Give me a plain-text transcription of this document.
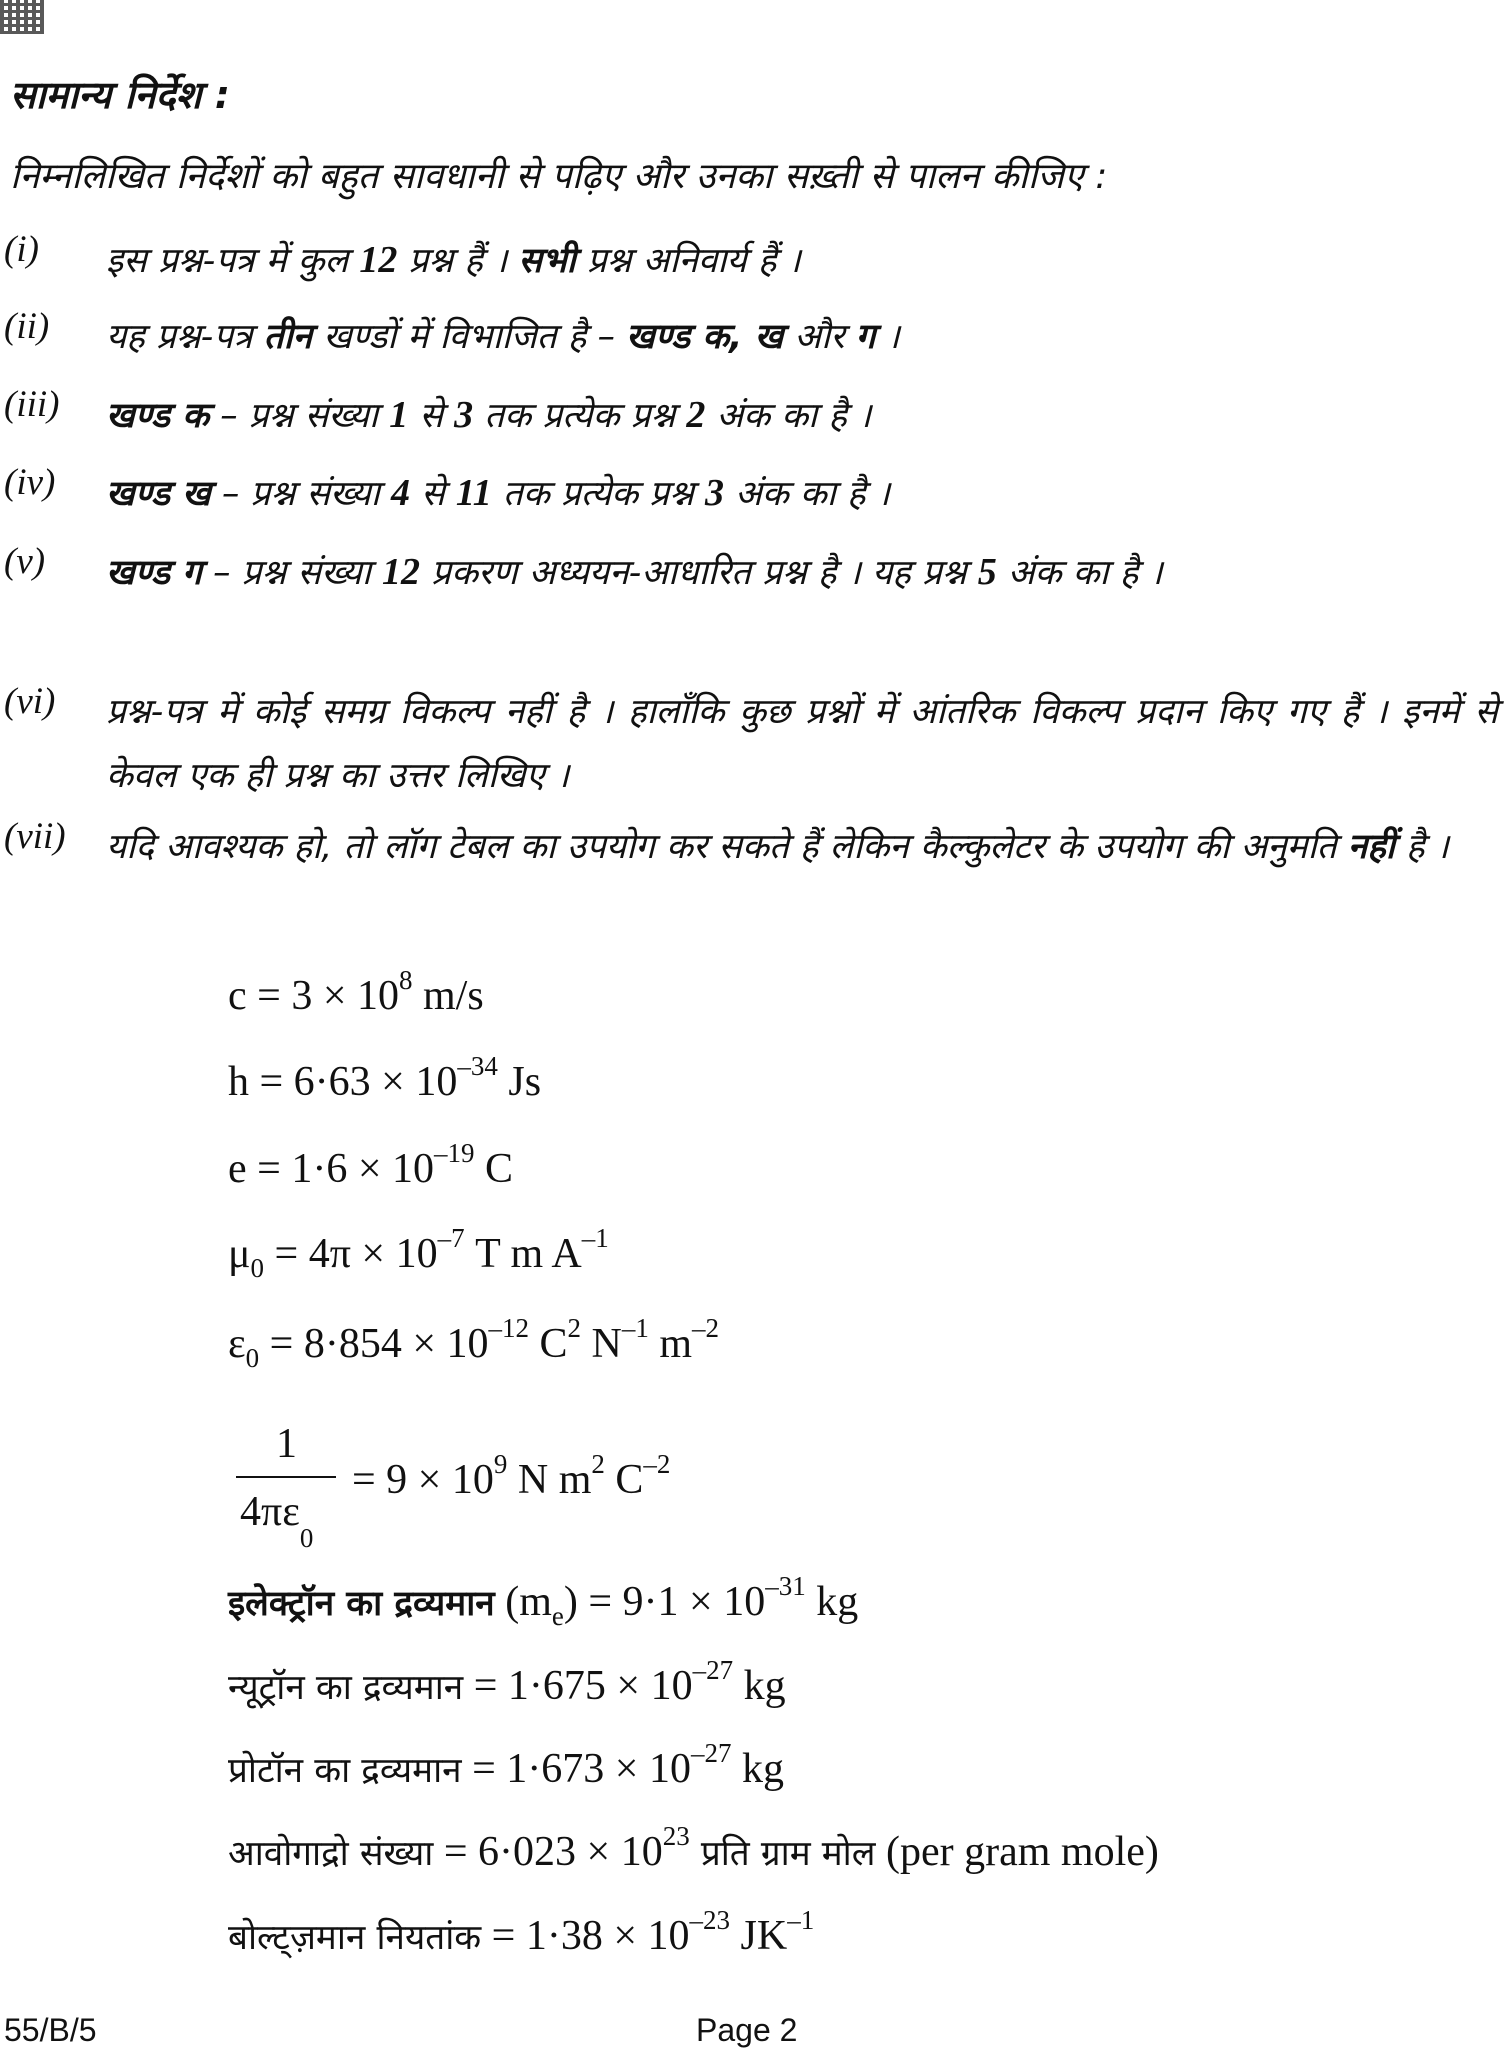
सामान्य निर्देश :
निम्नलिखित निर्देशों को बहुत सावधानी से पढ़िए और उनका सख़्ती से पालन कीजिए :
(i) इस प्रश्न-पत्र में कुल 12 प्रश्न हैं । सभी प्रश्न अनिवार्य हैं ।
(ii) यह प्रश्न-पत्र तीन खण्डों में विभाजित है – खण्ड क, ख और ग ।
(iii) खण्ड क – प्रश्न संख्या 1 से 3 तक प्रत्येक प्रश्न 2 अंक का है ।
(iv) खण्ड ख – प्रश्न संख्या 4 से 11 तक प्रत्येक प्रश्न 3 अंक का है ।
(v) खण्ड ग – प्रश्न संख्या 12 प्रकरण अध्ययन-आधारित प्रश्न है । यह प्रश्न 5 अंक का है ।
(vi) प्रश्न-पत्र में कोई समग्र विकल्प नहीं है । हालाँकि कुछ प्रश्नों में आंतरिक विकल्प प्रदान किए गए हैं । इनमें से केवल एक ही प्रश्न का उत्तर लिखिए ।
(vii) यदि आवश्यक हो, तो लॉग टेबल का उपयोग कर सकते हैं लेकिन कैल्कुलेटर के उपयोग की अनुमति नहीं है ।
$c = 3 \times 10^8$ m/s
$h = 6\cdot 63 \times 10^{-34}$ Js
$e = 1\cdot 6 \times 10^{-19}$ C
$\mu_0 = 4\pi \times 10^{-7}$ T m $A^{-1}$
$\varepsilon_0 = 8\cdot 854 \times 10^{-12}$ $C^2$ $N^{-1}$ $m^{-2}$
1
$4\pi\varepsilon_0$
= $9 \times 10^9$ N $m^2$ $C^{-2}$
इलेक्ट्रॉन का द्रव्यमान $(m_e) = 9\cdot 1 \times 10^{-31}$ kg
न्यूट्रॉन का द्रव्यमान = $1\cdot 675 \times 10^{-27}$ kg
प्रोटॉन का द्रव्यमान = $1\cdot 673 \times 10^{-27}$ kg
आवोगाद्रो संख्या = $6\cdot 023 \times 10^{23}$ प्रति ग्राम मोल (per gram mole)
बोल्ट्ज़मान नियतांक = $1\cdot 38 \times 10^{-23}$ $JK^{-1}$
55/B/5	Page 2
